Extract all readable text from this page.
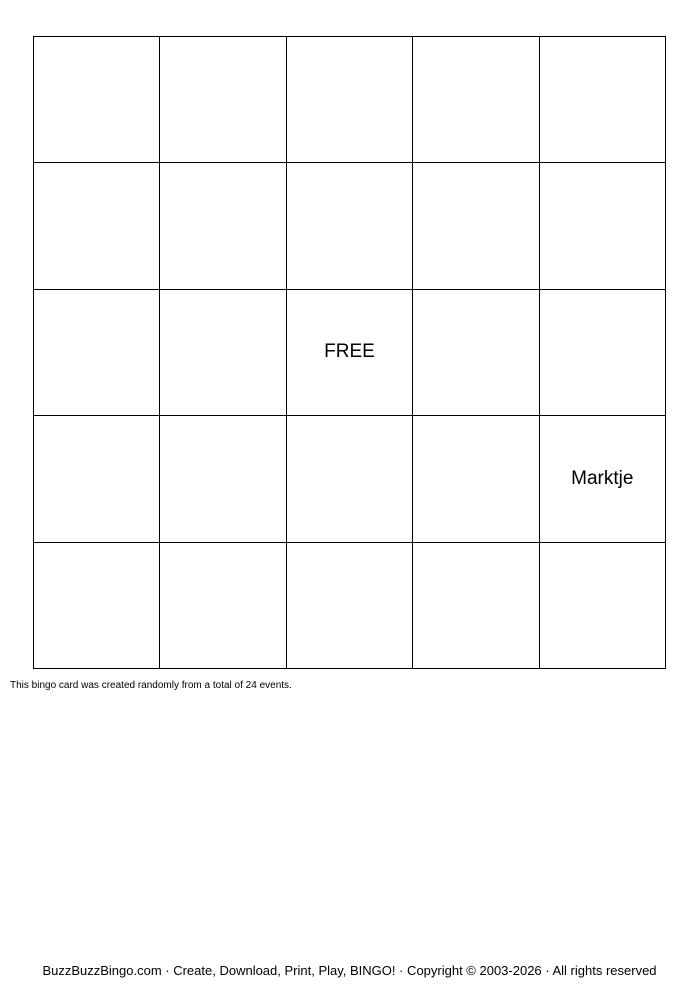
FREE
Marktje
This bingo card was created randomly from a total of 24 events.
BuzzBuzzBingo.com · Create, Download, Print, Play, BINGO! · Copyright © 2003-2026 · All rights reserved
